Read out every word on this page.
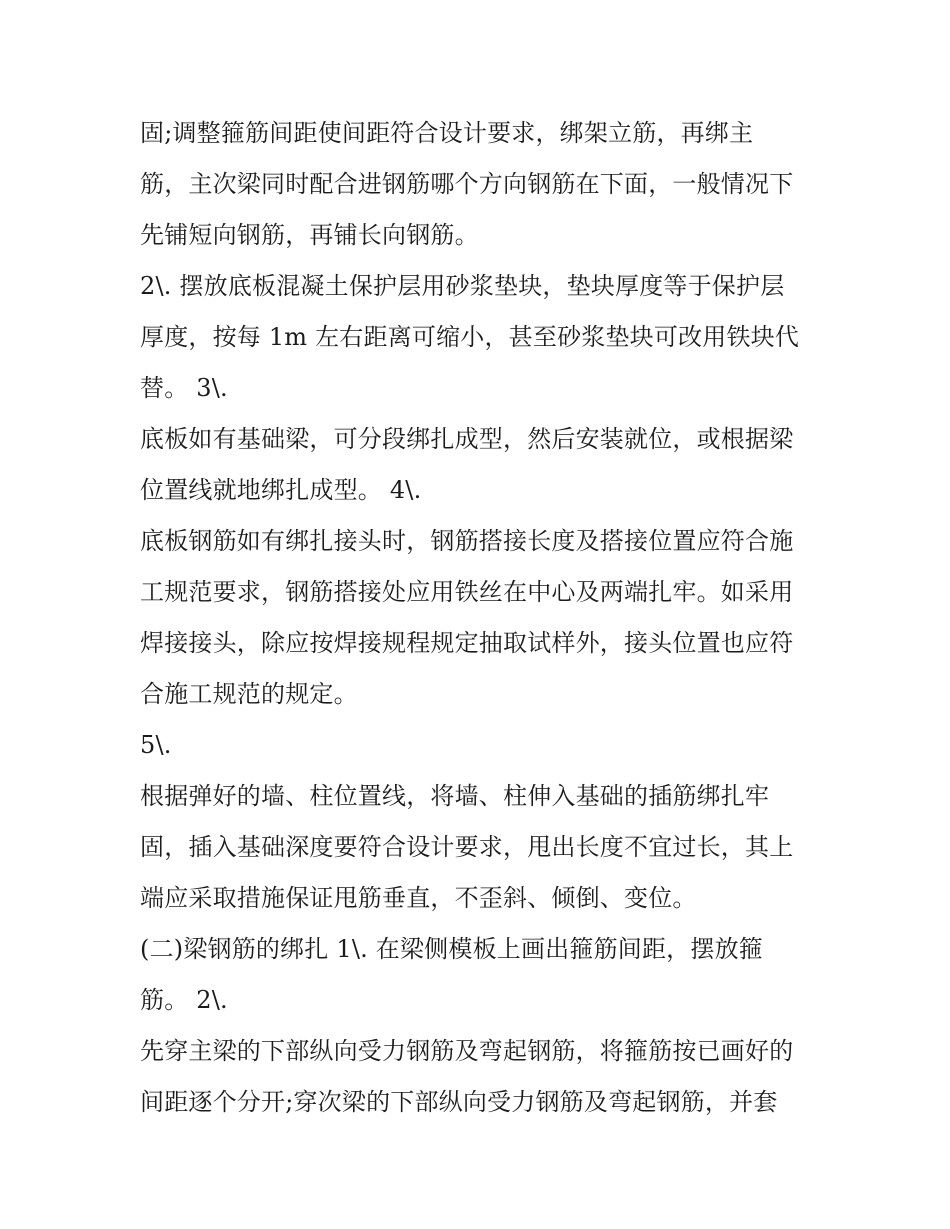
固;调整箍筋间距使间距符合设计要求，绑架立筋，再绑主
筋，主次梁同时配合进钢筋哪个方向钢筋在下面，一般情况下
先铺短向钢筋，再铺长向钢筋。
2\. 摆放底板混凝土保护层用砂浆垫块，垫块厚度等于保护层
厚度，按每 1m 左右距离可缩小，甚至砂浆垫块可改用铁块代
替。 3\.
底板如有基础梁，可分段绑扎成型，然后安装就位，或根据梁
位置线就地绑扎成型。 4\.
底板钢筋如有绑扎接头时，钢筋搭接长度及搭接位置应符合施
工规范要求，钢筋搭接处应用铁丝在中心及两端扎牢。如采用
焊接接头，除应按焊接规程规定抽取试样外，接头位置也应符
合施工规范的规定。
5\.
根据弹好的墙、柱位置线，将墙、柱伸入基础的插筋绑扎牢
固，插入基础深度要符合设计要求，甩出长度不宜过长，其上
端应采取措施保证甩筋垂直，不歪斜、倾倒、变位。
(二)梁钢筋的绑扎 1\. 在梁侧模板上画出箍筋间距，摆放箍
筋。 2\.
先穿主梁的下部纵向受力钢筋及弯起钢筋，将箍筋按已画好的
间距逐个分开;穿次梁的下部纵向受力钢筋及弯起钢筋，并套
